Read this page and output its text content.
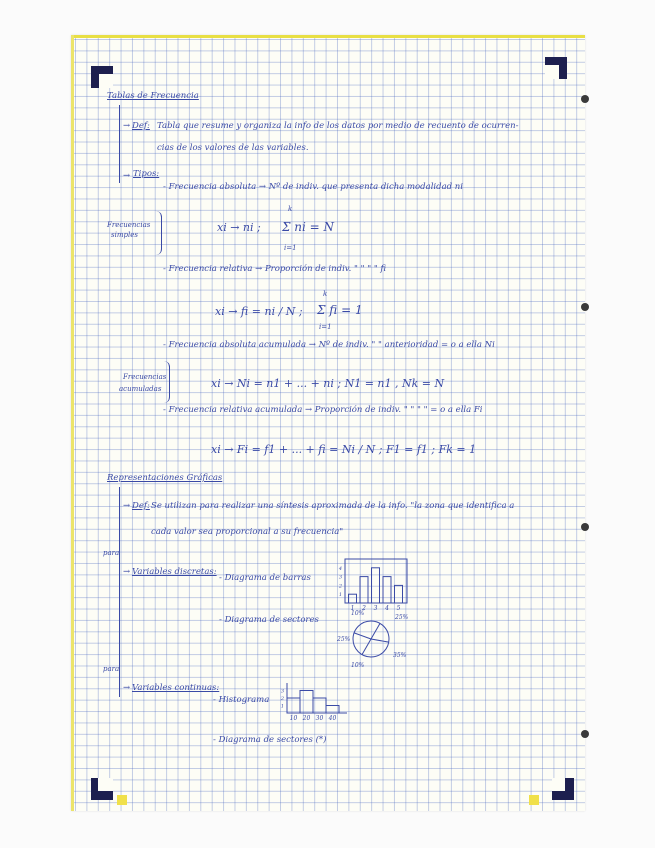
Tablas de Frecuencia
→ Def: Tabla que resume y organiza la info de los datos por medio de recuento de ocurren-
cias de los valores de las variables.
→ Tipos:
- Frecuencia absoluta → Nº de indiv. que presenta dicha modalidad ni
Frecuencias
simples
xi → ni ;
k
i=1
Σ ni = N
- Frecuencia relativa → Proporción de indiv. " " " " fi
xi → fi = ni / N ;
k
i=1
Σ fi = 1
- Frecuencia absoluta acumulada → Nº de indiv. " " anterioridad = o a ella Ni
Frecuencias
acumuladas	xi → Ni = n1 + ... + ni ; N1 = n1 , Nk = N
- Frecuencia relativa acumulada → Proporción de indiv. " " " " = o a ella Fi
xi → Fi = f1 + ... + fi = Ni / N ; F1 = f1 ; Fk = 1
Representaciones Gráficas
→ Def: Se utilizan para realizar una síntesis aproximada de la info. "la zona que identifica a
cada valor sea proporcional a su frecuencia"
para
→ Variables discretas:
- Diagrama de barras
- Diagrama de sectores
1 2 3 4 5
1
2
3
4
10%
25%
25%
35%
10%
para
→ Variables continuas:
- Histograma
10 20 30 40
1
2
3
- Diagrama de sectores (*)
